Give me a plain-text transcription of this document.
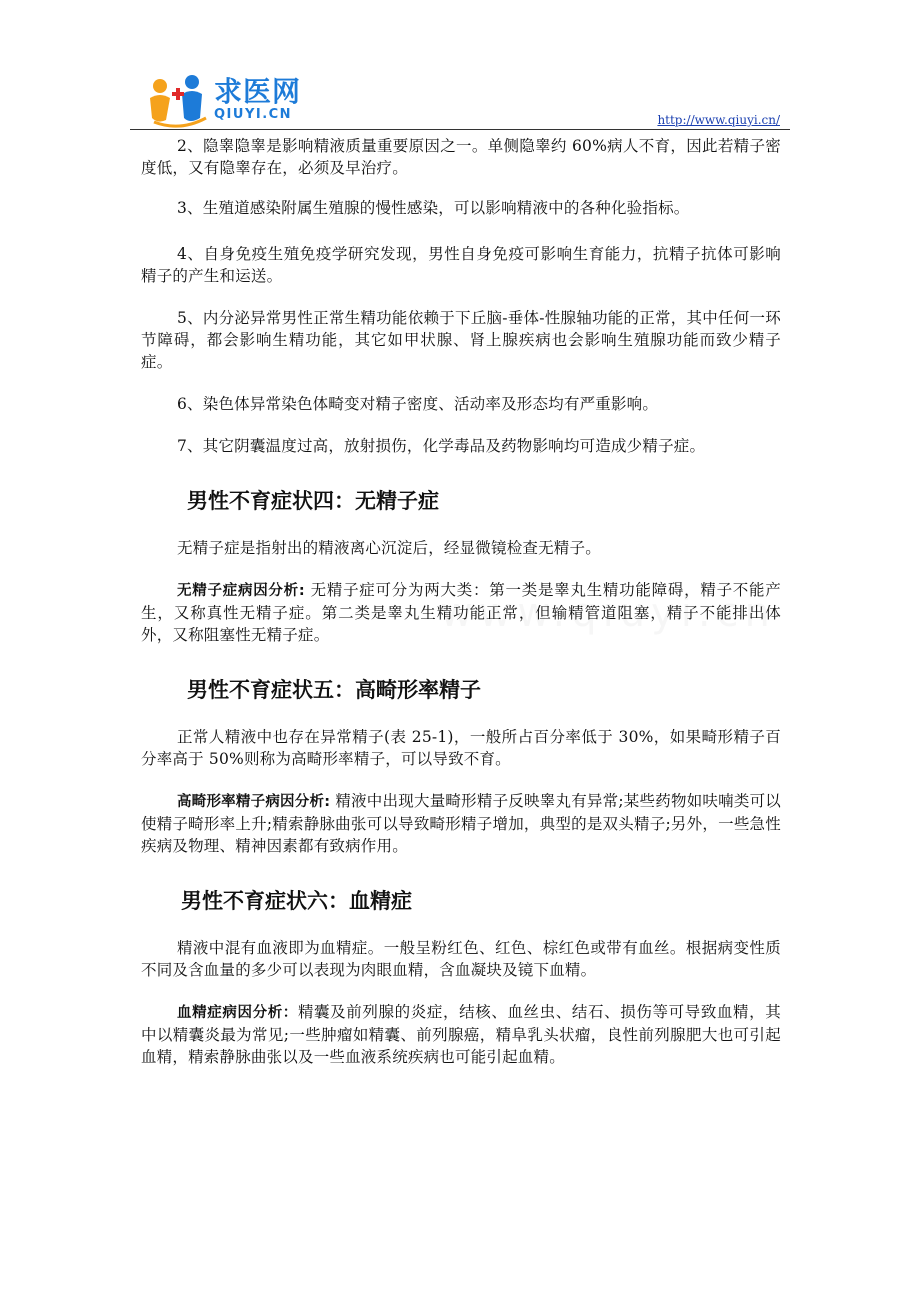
求医网
QIUYI.CN	http://www.qiuyi.cn/

2、隐睾隐睾是影响精液质量重要原因之一。单侧隐睾约 60%病人不育，因此若精子密度低，又有隐睾存在，必须及早治疗。

3、生殖道感染附属生殖腺的慢性感染，可以影响精液中的各种化验指标。

4、自身免疫生殖免疫学研究发现，男性自身免疫可影响生育能力，抗精子抗体可影响精子的产生和运送。

5、内分泌异常男性正常生精功能依赖于下丘脑-垂体-性腺轴功能的正常，其中任何一环节障碍，都会影响生精功能，其它如甲状腺、肾上腺疾病也会影响生殖腺功能而致少精子症。

6、染色体异常染色体畸变对精子密度、活动率及形态均有严重影响。

7、其它阴囊温度过高，放射损伤，化学毒品及药物影响均可造成少精子症。

男性不育症状四：无精子症

无精子症是指射出的精液离心沉淀后，经显微镜检查无精子。

无精子症病因分析: 无精子症可分为两大类：第一类是睾丸生精功能障碍，精子不能产生，又称真性无精子症。第二类是睾丸生精功能正常，但输精管道阻塞，精子不能排出体外，又称阻塞性无精子症。

男性不育症状五：高畸形率精子

正常人精液中也存在异常精子(表 25-1)，一般所占百分率低于 30%，如果畸形精子百分率高于 50%则称为高畸形率精子，可以导致不育。

高畸形率精子病因分析: 精液中出现大量畸形精子反映睾丸有异常;某些药物如呋喃类可以使精子畸形率上升;精索静脉曲张可以导致畸形精子增加，典型的是双头精子;另外，一些急性疾病及物理、精神因素都有致病作用。

男性不育症状六：血精症

精液中混有血液即为血精症。一般呈粉红色、红色、棕红色或带有血丝。根据病变性质不同及含血量的多少可以表现为肉眼血精，含血凝块及镜下血精。

血精症病因分析：精囊及前列腺的炎症，结核、血丝虫、结石、损伤等可导致血精，其中以精囊炎最为常见;一些肿瘤如精囊、前列腺癌，精阜乳头状瘤，良性前列腺肥大也可引起血精，精索静脉曲张以及一些血液系统疾病也可能引起血精。
